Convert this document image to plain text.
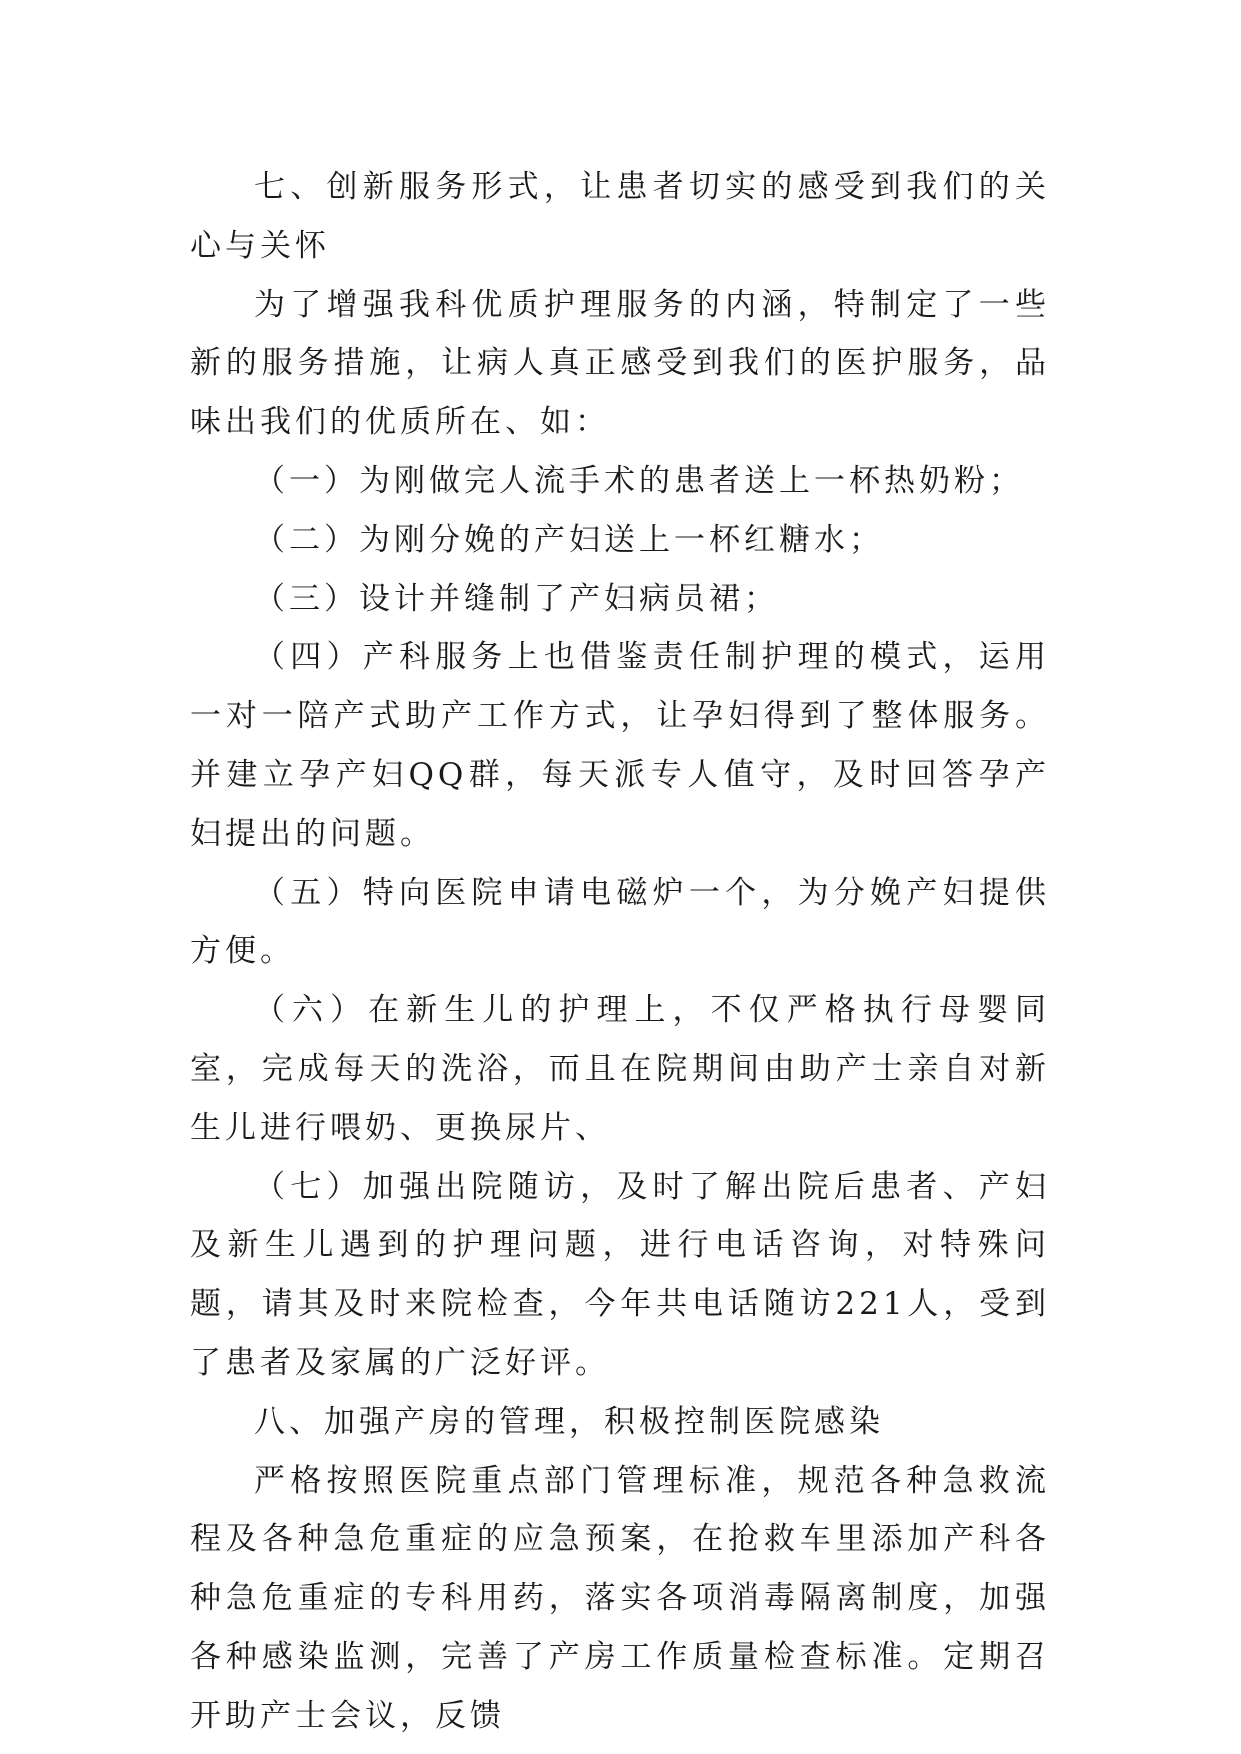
七、创新服务形式，让患者切实的感受到我们的关心与关怀

为了增强我科优质护理服务的内涵，特制定了一些新的服务措施，让病人真正感受到我们的医护服务，品味出我们的优质所在、如：

（一）为刚做完人流手术的患者送上一杯热奶粉；

（二）为刚分娩的产妇送上一杯红糖水；

（三）设计并缝制了产妇病员裙；

（四）产科服务上也借鉴责任制护理的模式，运用一对一陪产式助产工作方式，让孕妇得到了整体服务。并建立孕产妇QQ群，每天派专人值守，及时回答孕产妇提出的问题。

（五）特向医院申请电磁炉一个，为分娩产妇提供方便。

（六）在新生儿的护理上，不仅严格执行母婴同室，完成每天的洗浴，而且在院期间由助产士亲自对新生儿进行喂奶、更换尿片、

（七）加强出院随访，及时了解出院后患者、产妇及新生儿遇到的护理问题，进行电话咨询，对特殊问题，请其及时来院检查，今年共电话随访221人，受到了患者及家属的广泛好评。

八、加强产房的管理，积极控制医院感染

严格按照医院重点部门管理标准，规范各种急救流程及各种急危重症的应急预案，在抢救车里添加产科各种急危重症的专科用药，落实各项消毒隔离制度，加强各种感染监测，完善了产房工作质量检查标准。定期召开助产士会议，反馈
